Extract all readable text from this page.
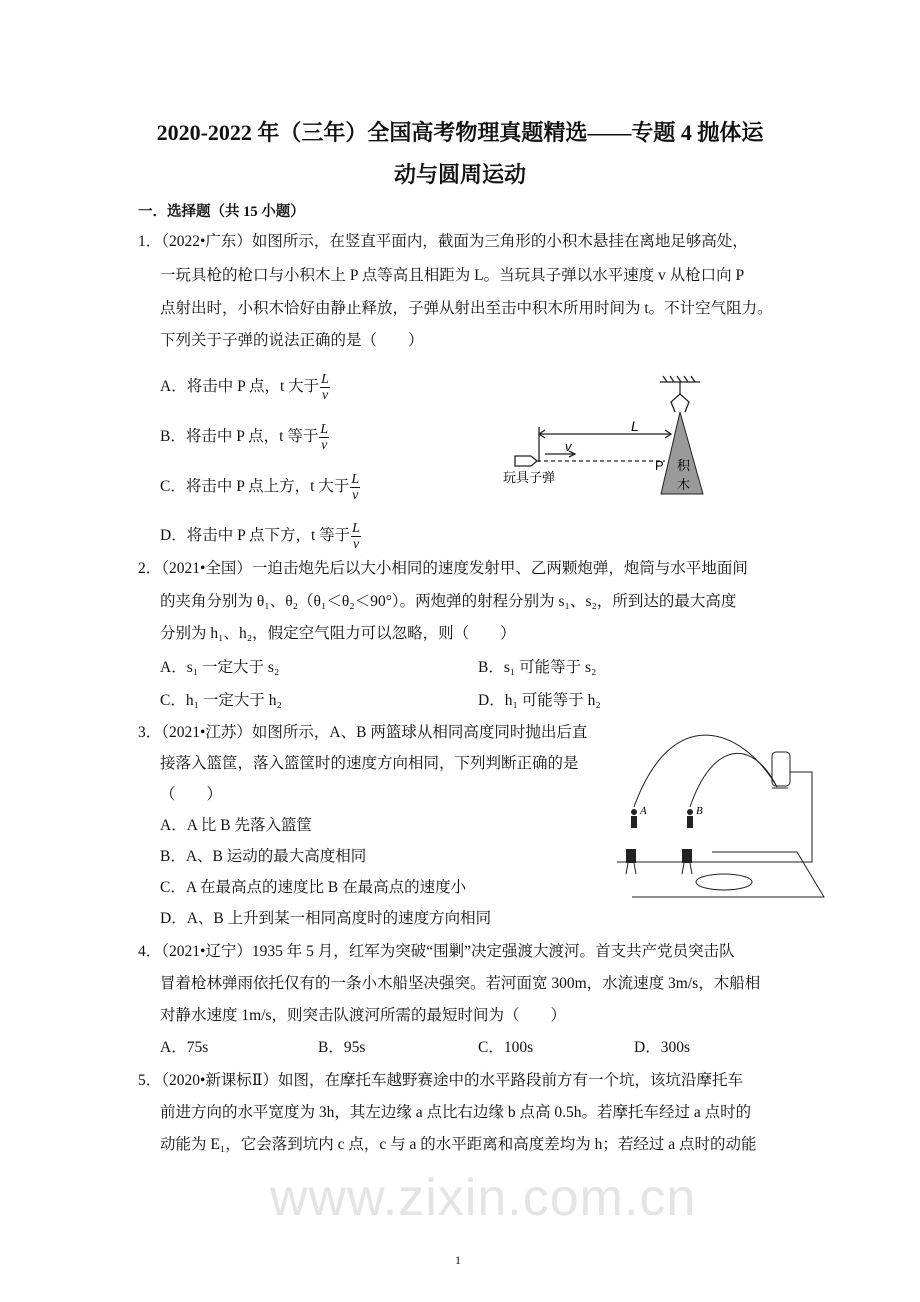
www.zixin.com.cn
2020-2022 年（三年）全国高考物理真题精选——专题 4 抛体运
动与圆周运动
一．选择题（共 15 小题）
1．（2022•广东）如图所示，在竖直平面内，截面为三角形的小积木悬挂在离地足够高处，
一玩具枪的枪口与小积木上 P 点等高且相距为 L。当玩具子弹以水平速度 v 从枪口向 P
点射出时，小积木恰好由静止释放，子弹从射出至击中积木所用时间为 t。不计空气阻力。
下列关于子弹的说法正确的是（　　）
A．将击中 P 点，t 大于 $\frac{L}{v}$
B．将击中 P 点，t 等于 $\frac{L}{v}$
C．将击中 P 点上方，t 大于 $\frac{L}{v}$
D．将击中 P 点下方，t 等于 $\frac{L}{v}$
L
v
P
玩具子弹
积
木
2．（2021•全国）一迫击炮先后以大小相同的速度发射甲、乙两颗炮弹，炮筒与水平地面间
的夹角分别为 θ₁、θ₂（θ₁＜θ₂＜90°）。两炮弹的射程分别为 s₁、s₂，所到达的最大高度
分别为 h₁、h₂，假定空气阻力可以忽略，则（　　）
A．s₁ 一定大于 s₂	B．s₁ 可能等于 s₂
C．h₁ 一定大于 h₂	D．h₁ 可能等于 h₂
3．（2021•江苏）如图所示，A、B 两篮球从相同高度同时抛出后直
接落入篮筐，落入篮筐时的速度方向相同，下列判断正确的是
（　　）
A．A 比 B 先落入篮筐
B．A、B 运动的最大高度相同
C．A 在最高点的速度比 B 在最高点的速度小
D．A、B 上升到某一相同高度时的速度方向相同
A	B
4．（2021•辽宁）1935 年 5 月，红军为突破“围剿”决定强渡大渡河。首支共产党员突击队
冒着枪林弹雨依托仅有的一条小木船坚决强突。若河面宽 300m，水流速度 3m/s，木船相
对静水速度 1m/s，则突击队渡河所需的最短时间为（　　）
A．75s	B．95s	C．100s	D．300s
5．（2020•新课标Ⅱ）如图，在摩托车越野赛途中的水平路段前方有一个坑，该坑沿摩托车
前进方向的水平宽度为 3h，其左边缘 a 点比右边缘 b 点高 0.5h。若摩托车经过 a 点时的
动能为 E₁，它会落到坑内 c 点，c 与 a 的水平距离和高度差均为 h；若经过 a 点时的动能
1
